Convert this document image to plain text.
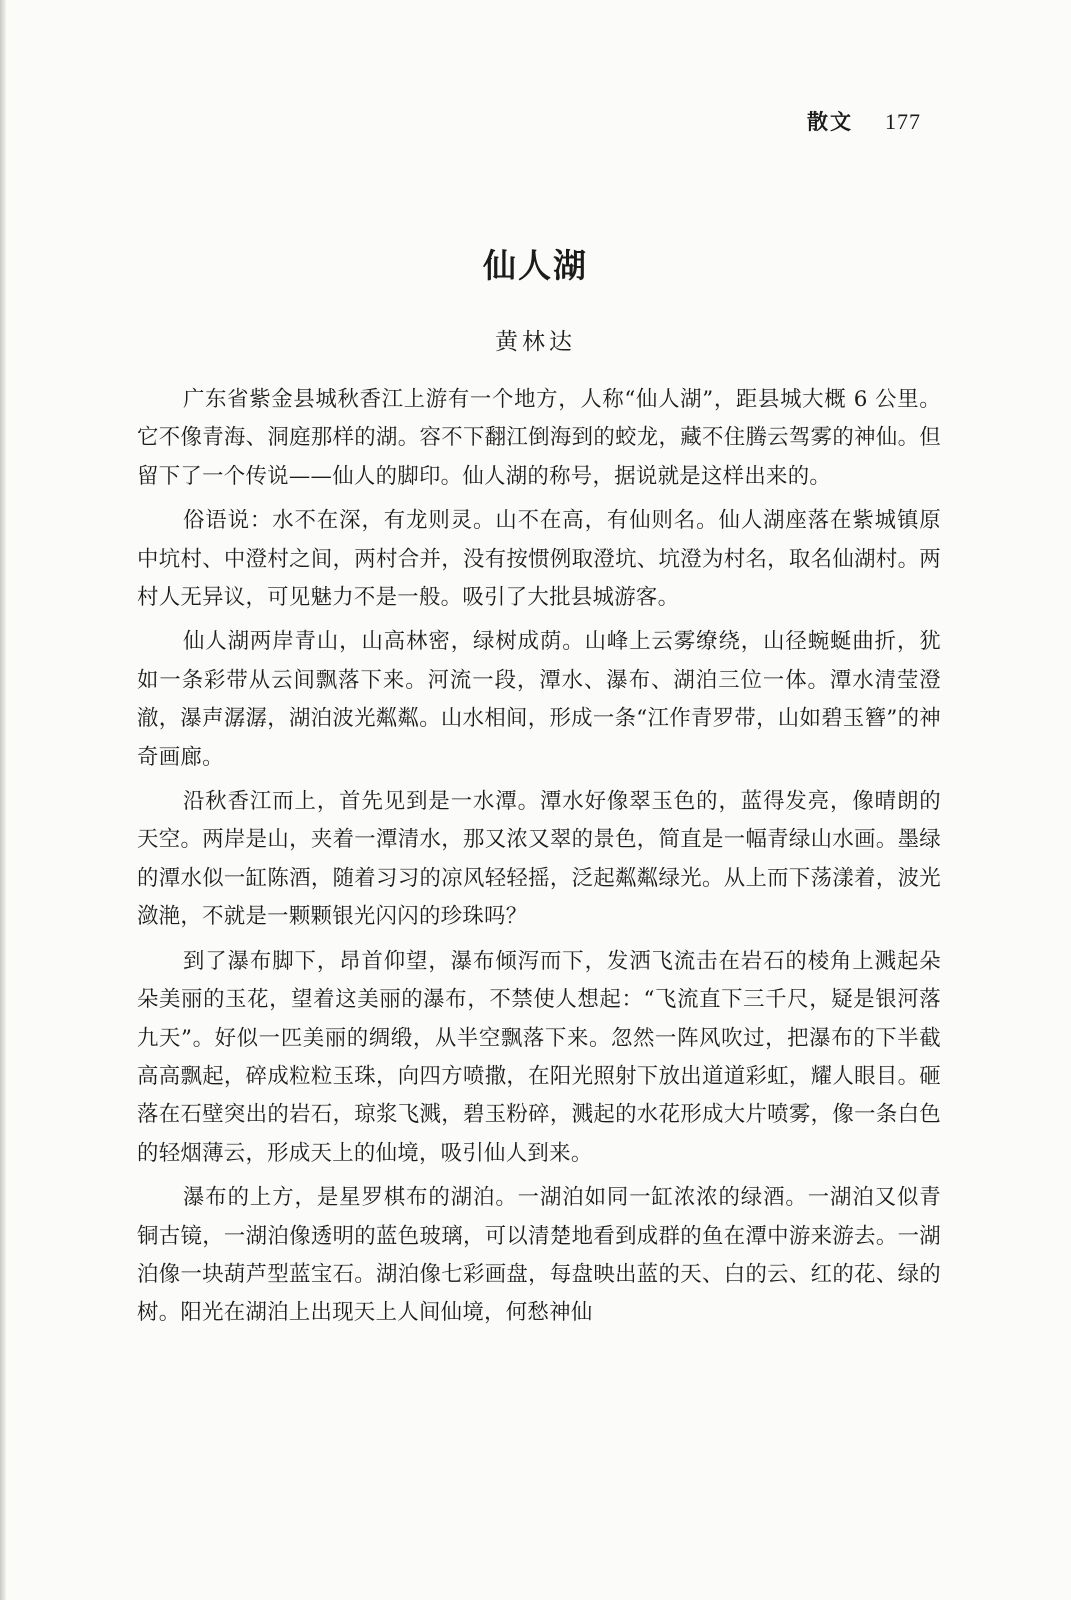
散文 177
仙人湖
黄林达

广东省紫金县城秋香江上游有一个地方，人称“仙人湖”，距县城大概 6 公里。它不像青海、洞庭那样的湖。容不下翻江倒海到的蛟龙，藏不住腾云驾雾的神仙。但留下了一个传说——仙人的脚印。仙人湖的称号，据说就是这样出来的。

俗语说：水不在深，有龙则灵。山不在高，有仙则名。仙人湖座落在紫城镇原中坑村、中澄村之间，两村合并，没有按惯例取澄坑、坑澄为村名，取名仙湖村。两村人无异议，可见魅力不是一般。吸引了大批县城游客。

仙人湖两岸青山，山高林密，绿树成荫。山峰上云雾缭绕，山径蜿蜒曲折，犹如一条彩带从云间飘落下来。河流一段，潭水、瀑布、湖泊三位一体。潭水清莹澄澈，瀑声潺潺，湖泊波光粼粼。山水相间，形成一条“江作青罗带，山如碧玉簪”的神奇画廊。

沿秋香江而上，首先见到是一水潭。潭水好像翠玉色的，蓝得发亮，像晴朗的天空。两岸是山，夹着一潭清水，那又浓又翠的景色，简直是一幅青绿山水画。墨绿的潭水似一缸陈酒，随着习习的凉风轻轻摇，泛起粼粼绿光。从上而下荡漾着，波光潋滟，不就是一颗颗银光闪闪的珍珠吗？

到了瀑布脚下，昂首仰望，瀑布倾泻而下，发洒飞流击在岩石的棱角上溅起朵朵美丽的玉花，望着这美丽的瀑布，不禁使人想起：“飞流直下三千尺，疑是银河落九天”。好似一匹美丽的绸缎，从半空飘落下来。忽然一阵风吹过，把瀑布的下半截高高飘起，碎成粒粒玉珠，向四方喷撒，在阳光照射下放出道道彩虹，耀人眼目。砸落在石壁突出的岩石，琼浆飞溅，碧玉粉碎，溅起的水花形成大片喷雾，像一条白色的轻烟薄云，形成天上的仙境，吸引仙人到来。

瀑布的上方，是星罗棋布的湖泊。一湖泊如同一缸浓浓的绿酒。一湖泊又似青铜古镜，一湖泊像透明的蓝色玻璃，可以清楚地看到成群的鱼在潭中游来游去。一湖泊像一块葫芦型蓝宝石。湖泊像七彩画盘，每盘映出蓝的天、白的云、红的花、绿的树。阳光在湖泊上出现天上人间仙境，何愁神仙
